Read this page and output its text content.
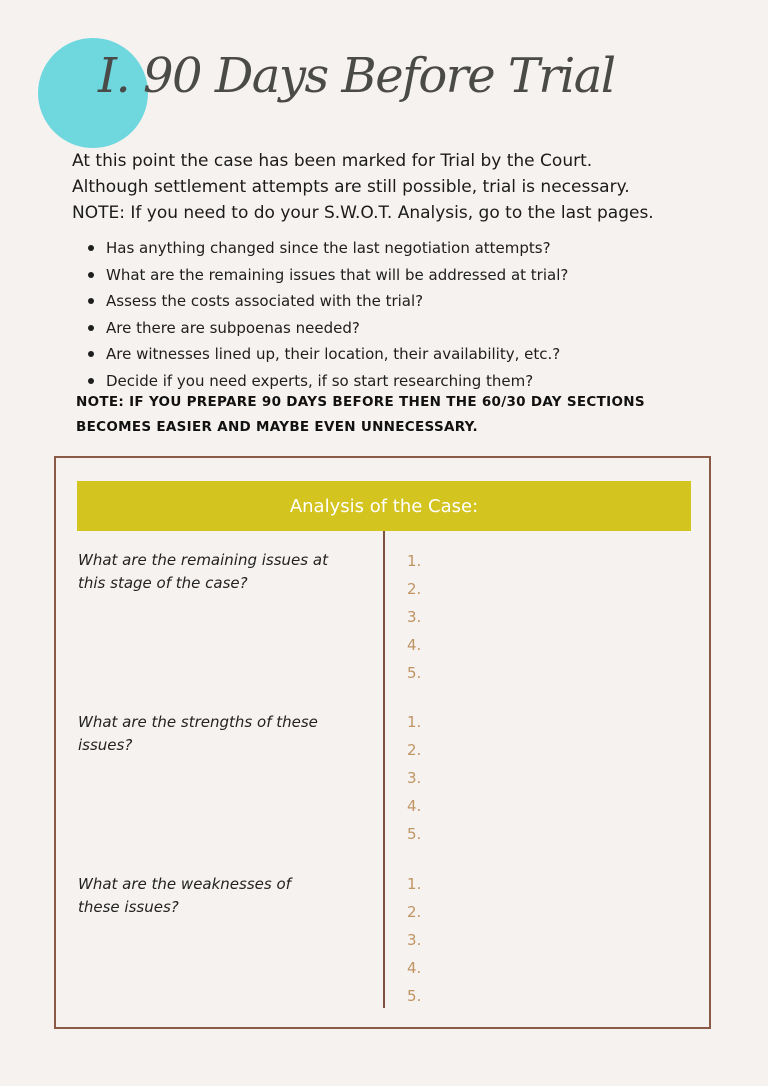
I. 90 Days Before Trial
At this point the case has been marked for Trial by the Court.
Although settlement attempts are still possible, trial is necessary.
NOTE: If you need to do your S.W.O.T. Analysis, go to the last pages.
Has anything changed since the last negotiation attempts?
What are the remaining issues that will be addressed at trial?
Assess the costs associated with the trial?
Are there are subpoenas needed?
Are witnesses lined up, their location, their availability, etc.?
Decide if you need experts, if so start researching them?
NOTE: IF YOU PREPARE 90 DAYS BEFORE THEN THE 60/30 DAY SECTIONS
BECOMES EASIER AND MAYBE EVEN UNNECESSARY.
Analysis of the Case:
What are the remaining issues at
this stage of the case?
1.
2.
3.
4.
5.
What are the strengths of these
issues?
1.
2.
3.
4.
5.
What are the weaknesses of
these issues?
1.
2.
3.
4.
5.
